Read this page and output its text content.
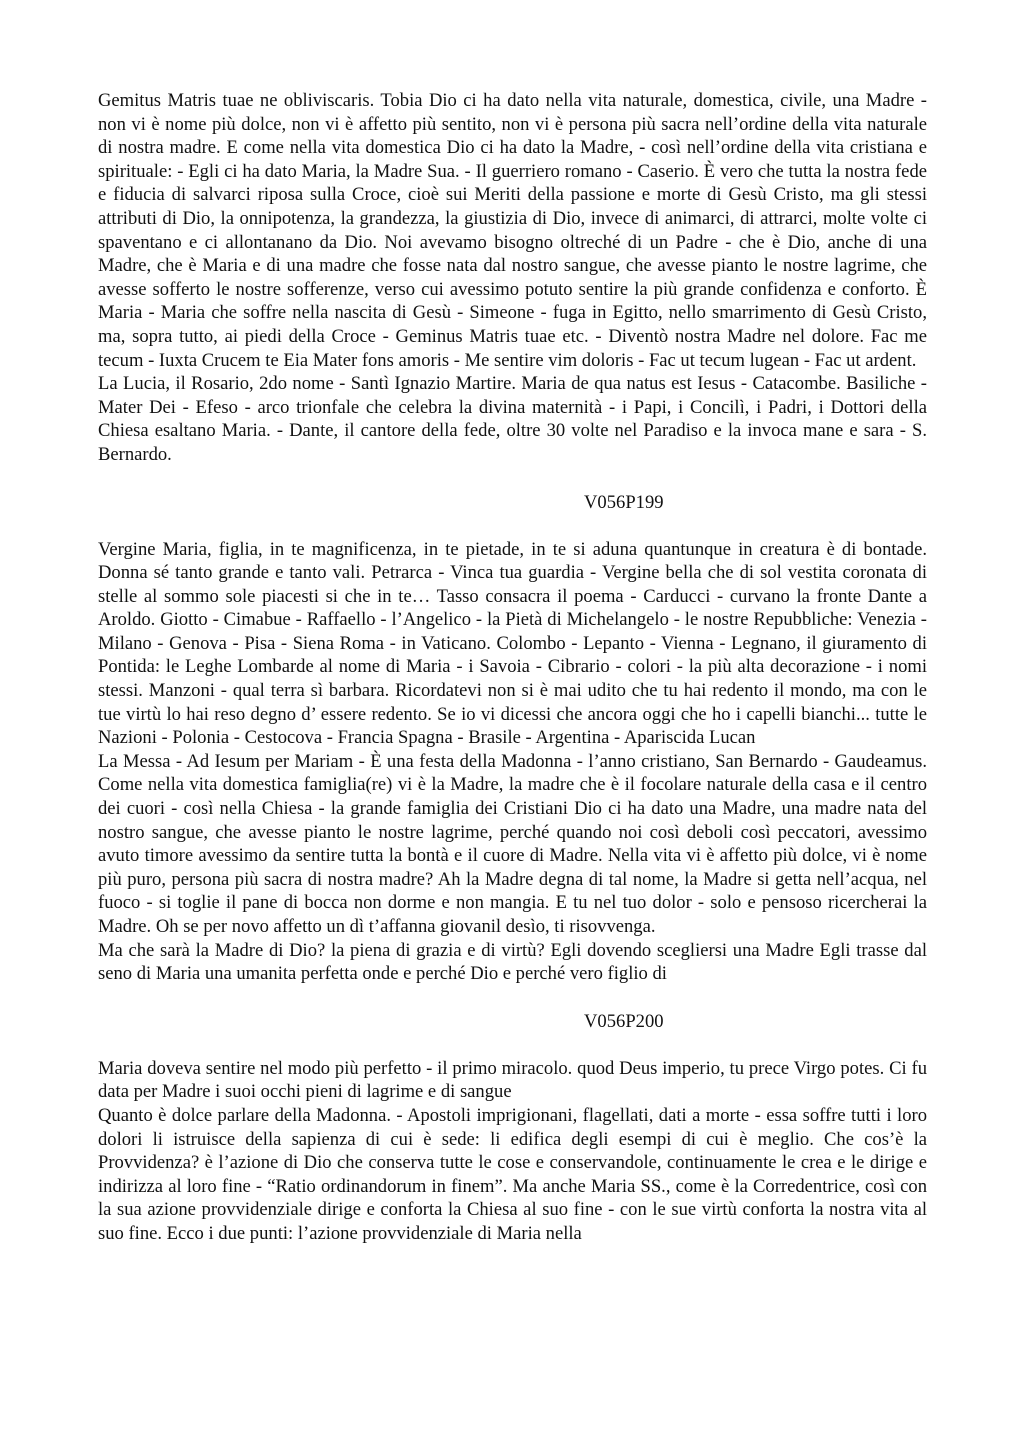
Gemitus Matris tuae ne obliviscaris. Tobia Dio ci ha dato nella vita naturale, domestica, civile, una Madre - non vi è nome più dolce, non vi è affetto più sentito, non vi è persona più sacra nell’ordine della vita naturale di nostra madre. E come nella vita domestica Dio ci ha dato la Madre, - così nell’ordine della vita cristiana e spirituale: - Egli ci ha dato Maria, la Madre Sua. - Il guerriero romano - Caserio. È vero che tutta la nostra fede e fiducia di salvarci riposa sulla Croce, cioè sui Meriti della passione e morte di Gesù Cristo, ma gli stessi attributi di Dio, la onnipotenza, la grandezza, la giustizia di Dio, invece di animarci, di attrarci, molte volte ci spaventano e ci allontanano da Dio. Noi avevamo bisogno oltreché di un Padre - che è Dio, anche di una Madre, che è Maria e di una madre che fosse nata dal nostro sangue, che avesse pianto le nostre lagrime, che avesse sofferto le nostre sofferenze, verso cui avessimo potuto sentire la più grande confidenza e conforto. È Maria - Maria che soffre nella nascita di Gesù - Simeone - fuga in Egitto, nello smarrimento di Gesù Cristo, ma, sopra tutto, ai piedi della Croce - Geminus Matris tuae etc. - Diventò nostra Madre nel dolore. Fac me tecum - Iuxta Crucem te Eia Mater fons amoris - Me sentire vim doloris - Fac ut tecum lugean - Fac ut ardent.

La Lucia, il Rosario, 2do nome - Santì Ignazio Martire. Maria de qua natus est Iesus - Catacombe. Basiliche - Mater Dei - Efeso - arco trionfale che celebra la divina maternità - i Papi, i Concilì, i Padri, i Dottori della Chiesa esaltano Maria. - Dante, il cantore della fede, oltre 30 volte nel Paradiso e la invoca mane e sara - S. Bernardo.

V056P199

Vergine Maria, figlia, in te magnificenza, in te pietade, in te si aduna quantunque in creatura è di bontade. Donna sé tanto grande e tanto vali. Petrarca - Vinca tua guardia - Vergine bella che di sol vestita coronata di stelle al sommo sole piacesti si che in te… Tasso consacra il poema - Carducci - curvano la fronte Dante a Aroldo. Giotto - Cimabue - Raffaello - l’Angelico - la Pietà di Michelangelo - le nostre Repubbliche: Venezia - Milano - Genova - Pisa - Siena Roma - in Vaticano. Colombo - Lepanto - Vienna - Legnano, il giuramento di Pontida: le Leghe Lombarde al nome di Maria - i Savoia - Cibrario - colori - la più alta decorazione - i nomi stessi. Manzoni - qual terra sì barbara. Ricordatevi non si è mai udito che tu hai redento il mondo, ma con le tue virtù lo hai reso degno d’ essere redento. Se io vi dicessi che ancora oggi che ho i capelli bianchi... tutte le Nazioni - Polonia - Cestocova - Francia Spagna - Brasile - Argentina - Apariscida Lucan

La Messa - Ad Iesum per Mariam - È una festa della Madonna - l’anno cristiano, San Bernardo - Gaudeamus. Come nella vita domestica famiglia(re) vi è la Madre, la madre che è il focolare naturale della casa e il centro dei cuori - così nella Chiesa - la grande famiglia dei Cristiani Dio ci ha dato una Madre, una madre nata del nostro sangue, che avesse pianto le nostre lagrime, perché quando noi così deboli così peccatori, avessimo avuto timore avessimo da sentire tutta la bontà e il cuore di Madre. Nella vita vi è affetto più dolce, vi è nome più puro, persona più sacra di nostra madre? Ah la Madre degna di tal nome, la Madre si getta nell’acqua, nel fuoco - si toglie il pane di bocca non dorme e non mangia. E tu nel tuo dolor - solo e pensoso ricercherai la Madre. Oh se per novo affetto un dì t’affanna giovanil desìo, ti risovvenga.

Ma che sarà la Madre di Dio? la piena di grazia e di virtù? Egli dovendo scegliersi una Madre Egli trasse dal seno di Maria una umanita perfetta onde e perché Dio e perché vero figlio di

V056P200

Maria doveva sentire nel modo più perfetto - il primo miracolo. quod Deus imperio, tu prece Virgo potes. Ci fu data per Madre i suoi occhi pieni di lagrime e di sangue

Quanto è dolce parlare della Madonna. - Apostoli imprigionani, flagellati, dati a morte - essa soffre tutti i loro dolori li istruisce della sapienza di cui è sede: li edifica degli esempi di cui è meglio. Che cos’è la Provvidenza? è l’azione di Dio che conserva tutte le cose e conservandole, continuamente le crea e le dirige e indirizza al loro fine - “Ratio ordinandorum in finem”. Ma anche Maria SS., come è la Corredentrice, così con la sua azione provvidenziale dirige e conforta la Chiesa al suo fine - con le sue virtù conforta la nostra vita al suo fine. Ecco i due punti: l’azione provvidenziale di Maria nella
